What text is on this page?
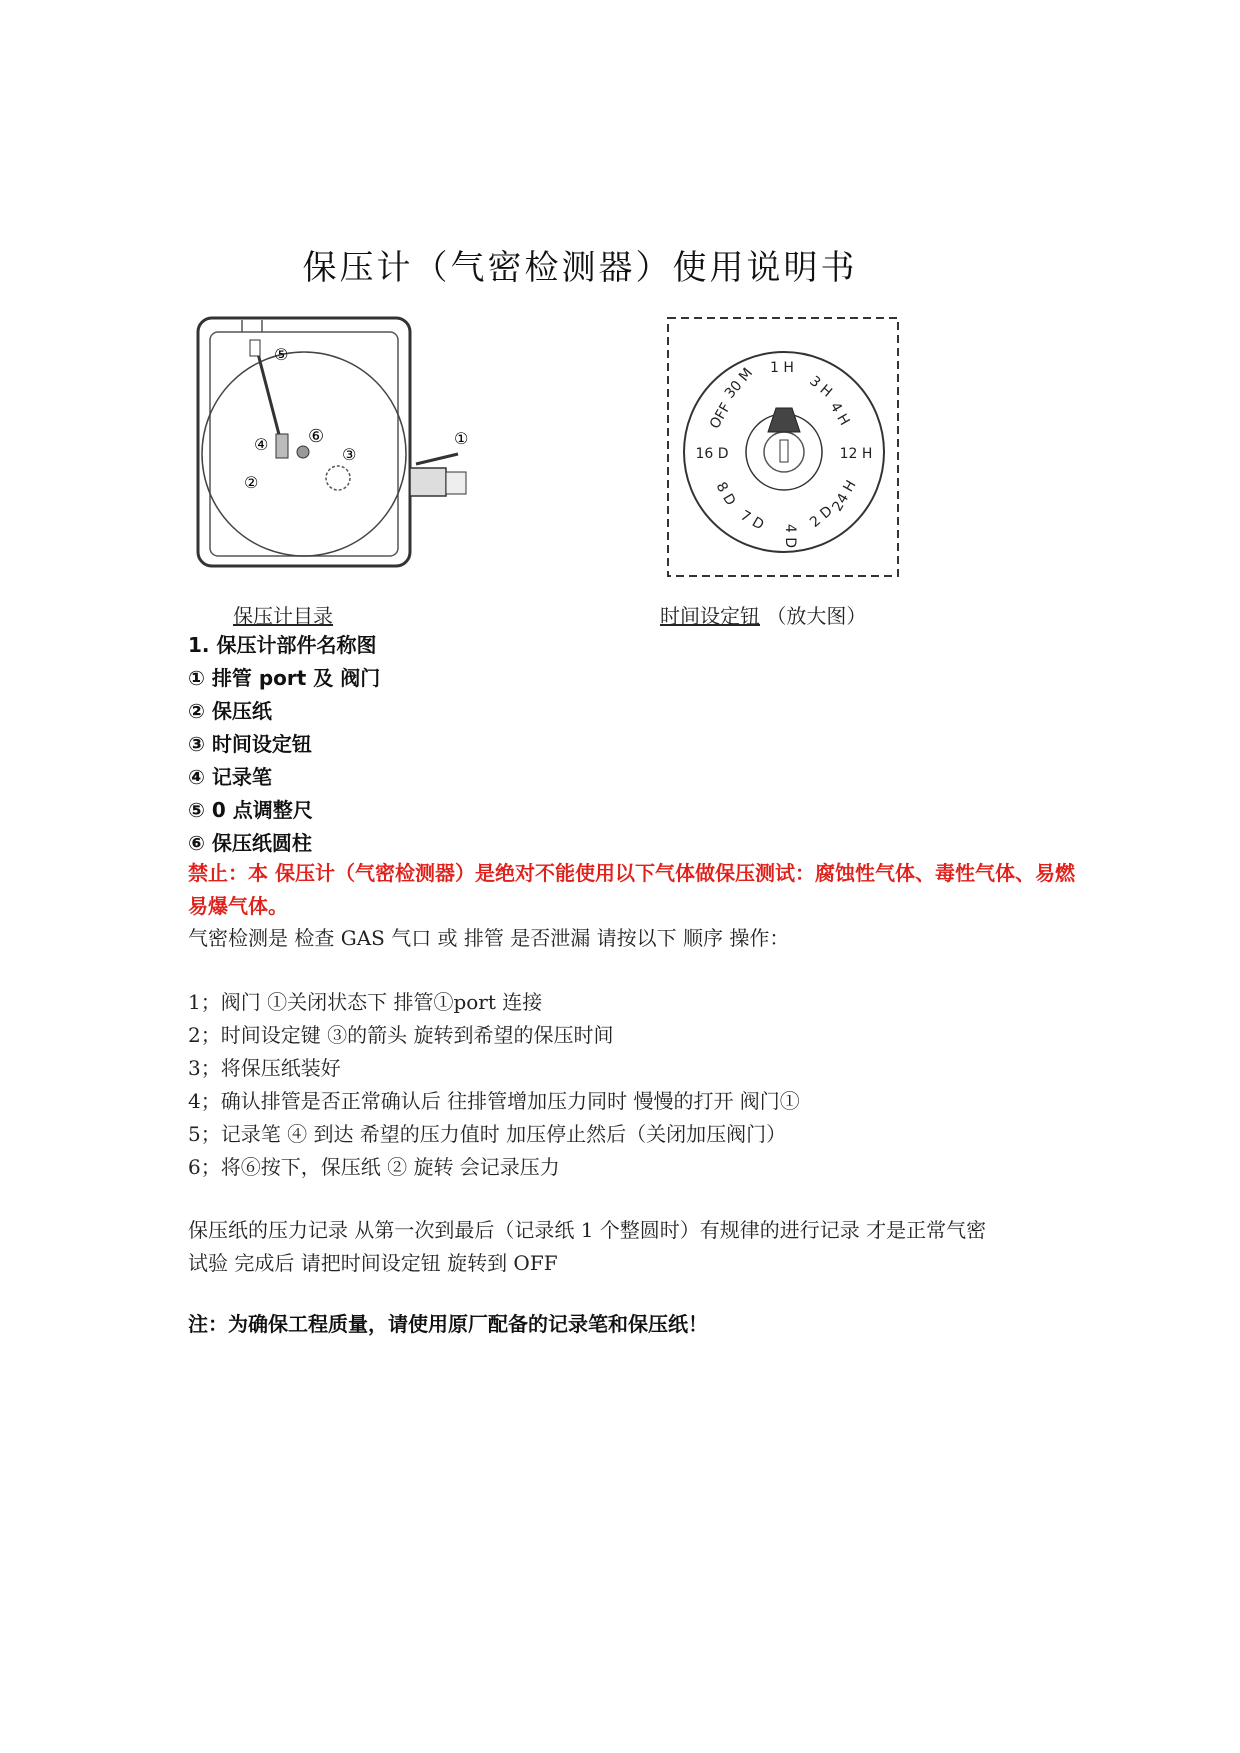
保压计（气密检测器）使用说明书
⑤
⑥
④
③
②
①
30 M 1 H
3 H
4 H
OFF
16 D	12 H
8 D	24 H
7 D	2 D
4 D
保压计目录	时间设定钮 （放大图）
1. 保压计部件名称图
① 排管 port 及 阀门
② 保压纸
③ 时间设定钮
④ 记录笔
⑤ 0 点调整尺
⑥ 保压纸圆柱
禁止：本 保压计（气密检测器）是绝对不能使用以下气体做保压测试：腐蚀性气体、毒性气体、易燃易爆气体。
气密检测是 检查 GAS 气口 或 排管 是否泄漏 请按以下 顺序 操作：
1；阀门 ①关闭状态下 排管①port 连接
2；时间设定键 ③的箭头 旋转到希望的保压时间
3；将保压纸装好
4；确认排管是否正常确认后 往排管增加压力同时 慢慢的打开 阀门①
5；记录笔 ④ 到达 希望的压力值时 加压停止然后（关闭加压阀门）
6；将⑥按下，保压纸 ② 旋转 会记录压力
保压纸的压力记录 从第一次到最后（记录纸 1 个整圆时）有规律的进行记录 才是正常气密
试验 完成后 请把时间设定钮 旋转到 OFF
注：为确保工程质量，请使用原厂配备的记录笔和保压纸！
